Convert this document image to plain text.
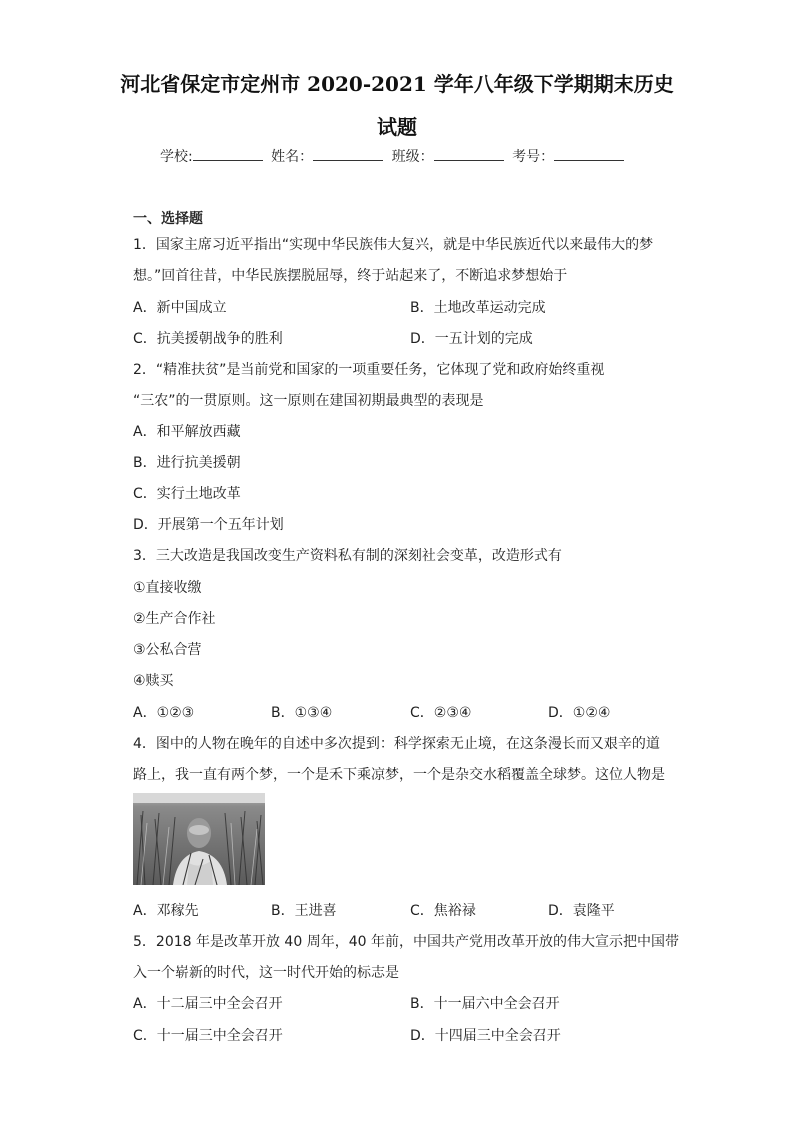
河北省保定市定州市 2020-2021 学年八年级下学期期末历史
试题
学校:	姓名：	班级：	考号：
一、选择题
1．国家主席习近平指出“实现中华民族伟大复兴，就是中华民族近代以来最伟大的梦
想。”回首往昔，中华民族摆脱屈辱，终于站起来了，不断追求梦想始于
A．新中国成立	B．土地改革运动完成
C．抗美援朝战争的胜利	D．一五计划的完成
2．“精准扶贫”是当前党和国家的一项重要任务，它体现了党和政府始终重视
“三农”的一贯原则。这一原则在建国初期最典型的表现是
A．和平解放西藏
B．进行抗美援朝
C．实行土地改革
D．开展第一个五年计划
3．三大改造是我国改变生产资料私有制的深刻社会变革，改造形式有
①直接收缴
②生产合作社
③公私合营
④赎买
A．①②③	B．①③④	C．②③④	D．①②④
4．图中的人物在晚年的自述中多次提到：科学探索无止境，在这条漫长而又艰辛的道
路上，我一直有两个梦，一个是禾下乘凉梦，一个是杂交水稻覆盖全球梦。这位人物是
A．邓稼先	B．王进喜	C．焦裕禄	D．袁隆平
5．2018 年是改革开放 40 周年，40 年前，中国共产党用改革开放的伟大宣示把中国带
入一个崭新的时代，这一时代开始的标志是
A．十二届三中全会召开	B．十一届六中全会召开
C．十一届三中全会召开	D．十四届三中全会召开
